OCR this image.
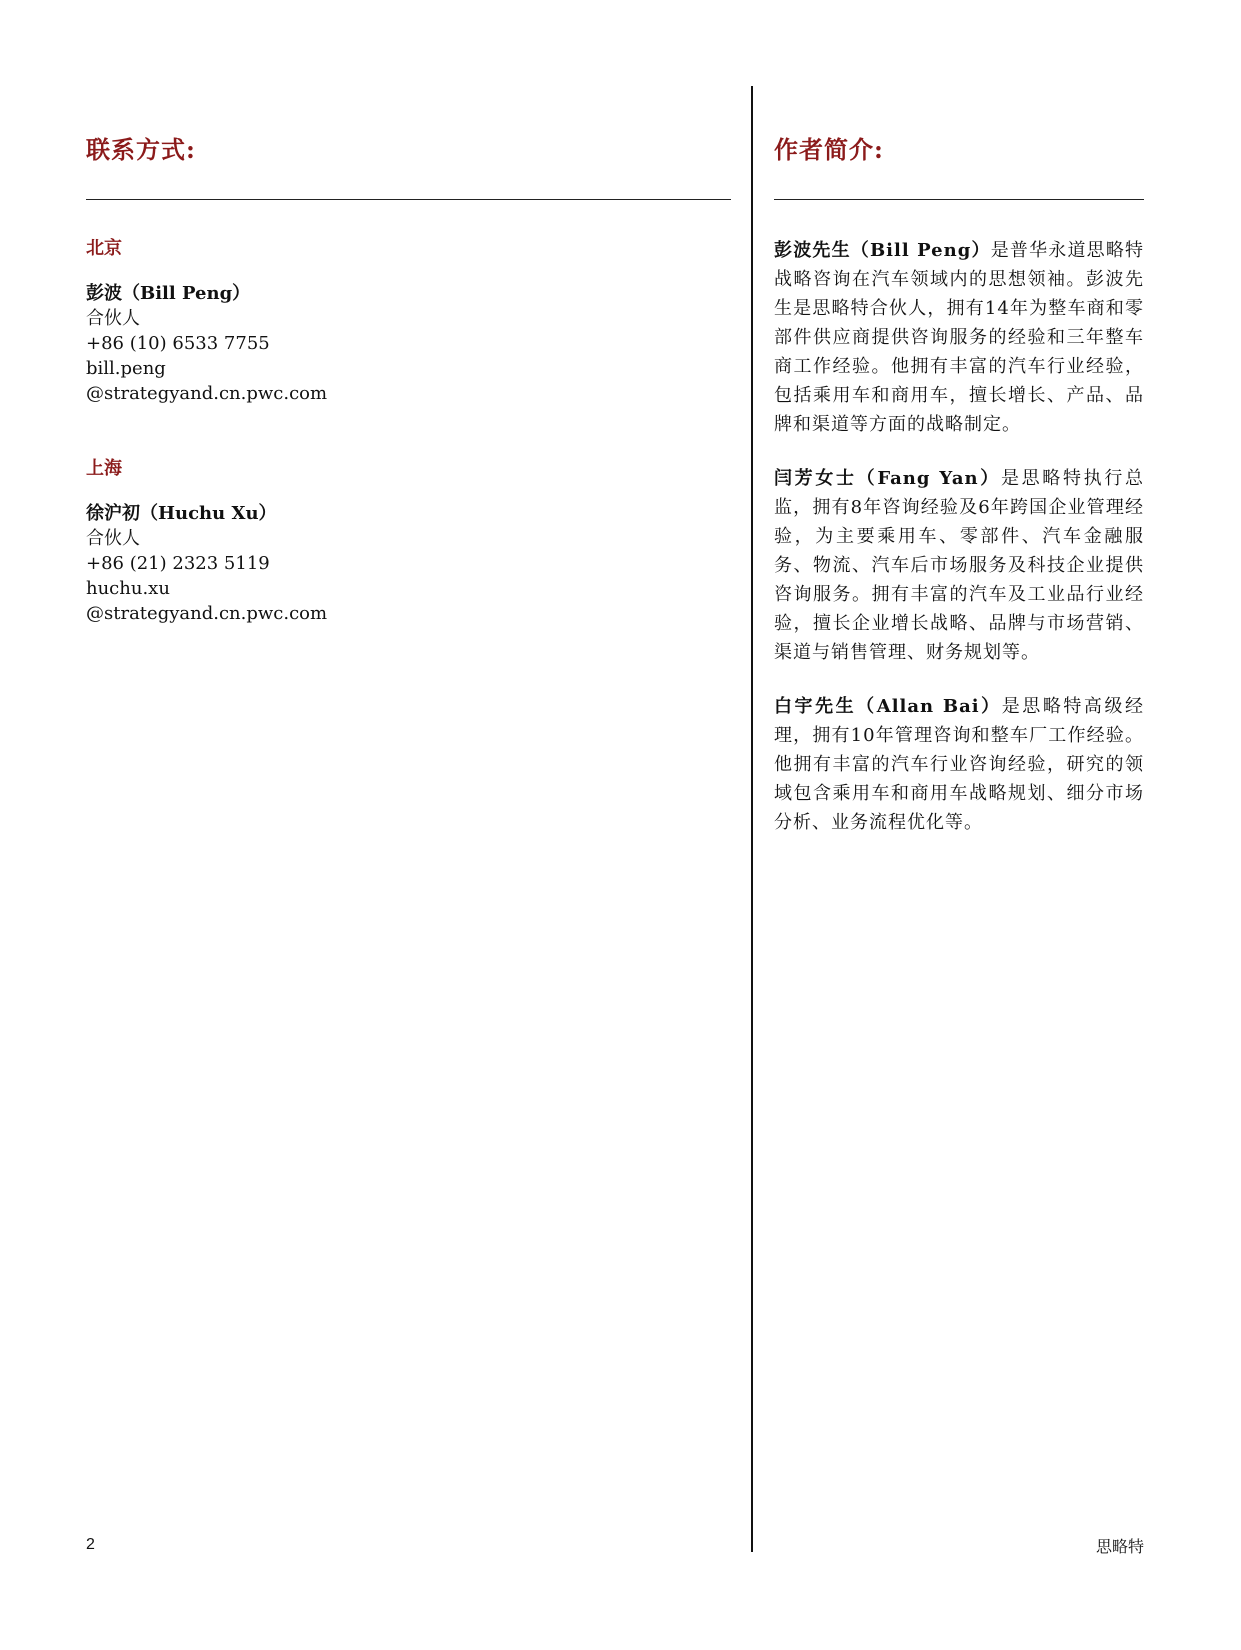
联系方式:

北京

彭波（Bill Peng）

合伙人

+86 (10) 6533 7755

bill.peng

@strategyand.cn.pwc.com

上海

徐沪初（Huchu Xu）

合伙人

+86 (21) 2323 5119

huchu.xu

@strategyand.cn.pwc.com

作者简介:

彭波先生（Bill Peng）是普华永道思略特战略咨询在汽车领域内的思想领袖。彭波先生是思略特合伙人，拥有14年为整车商和零部件供应商提供咨询服务的经验和三年整车商工作经验。他拥有丰富的汽车行业经验，包括乘用车和商用车，擅长增长、产品、品牌和渠道等方面的战略制定。

闫芳女士（Fang Yan）是思略特执行总监，拥有8年咨询经验及6年跨国企业管理经验，为主要乘用车、零部件、汽车金融服务、物流、汽车后市场服务及科技企业提供咨询服务。拥有丰富的汽车及工业品行业经验，擅长企业增长战略、品牌与市场营销、渠道与销售管理、财务规划等。

白宇先生（Allan Bai）是思略特高级经理，拥有10年管理咨询和整车厂工作经验。他拥有丰富的汽车行业咨询经验，研究的领域包含乘用车和商用车战略规划、细分市场分析、业务流程优化等。

2	思略特
